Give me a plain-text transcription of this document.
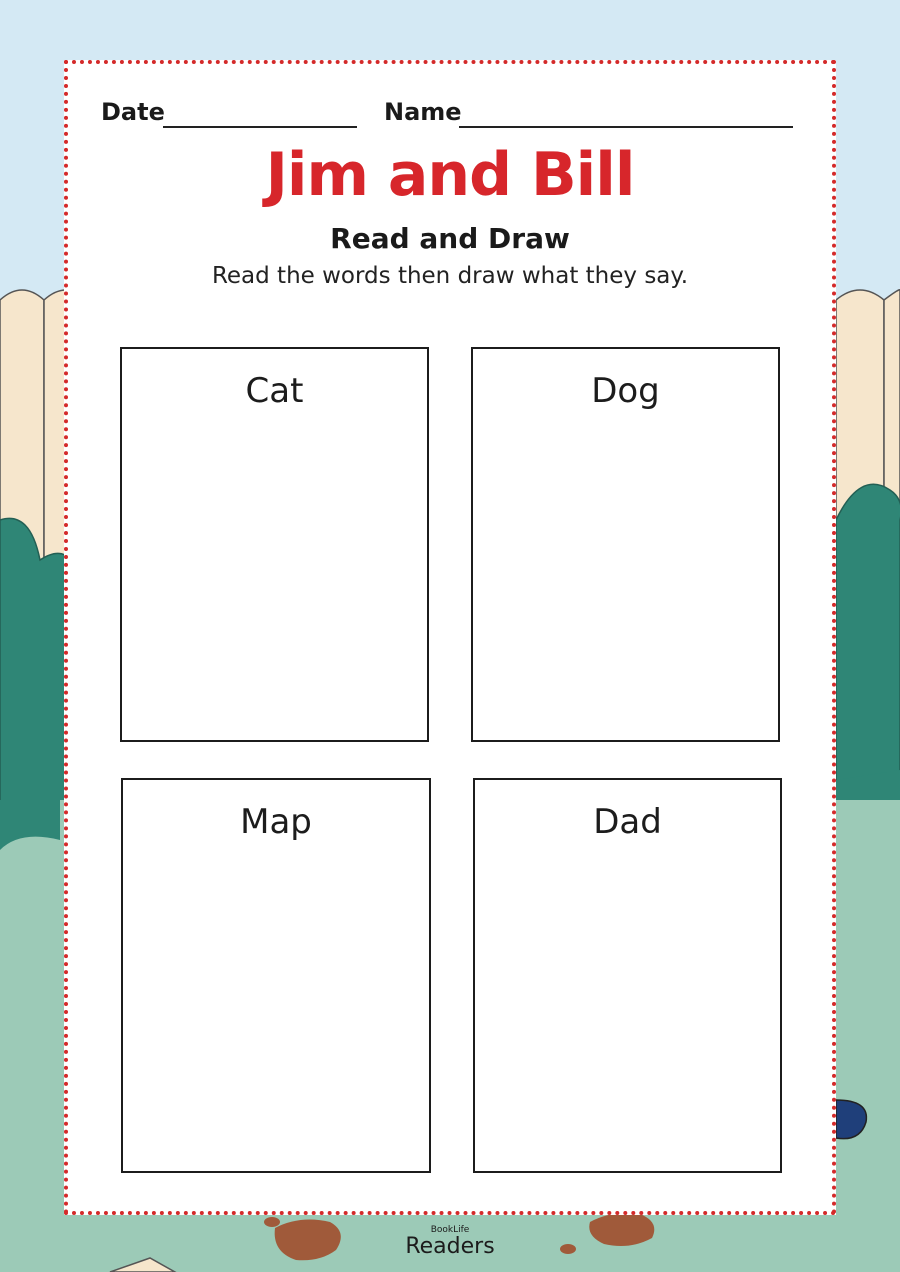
Date	Name
Jim and Bill
Read and Draw
Read the words then draw what they say.
Cat	Dog
Map	Dad
BookLife
Readers
